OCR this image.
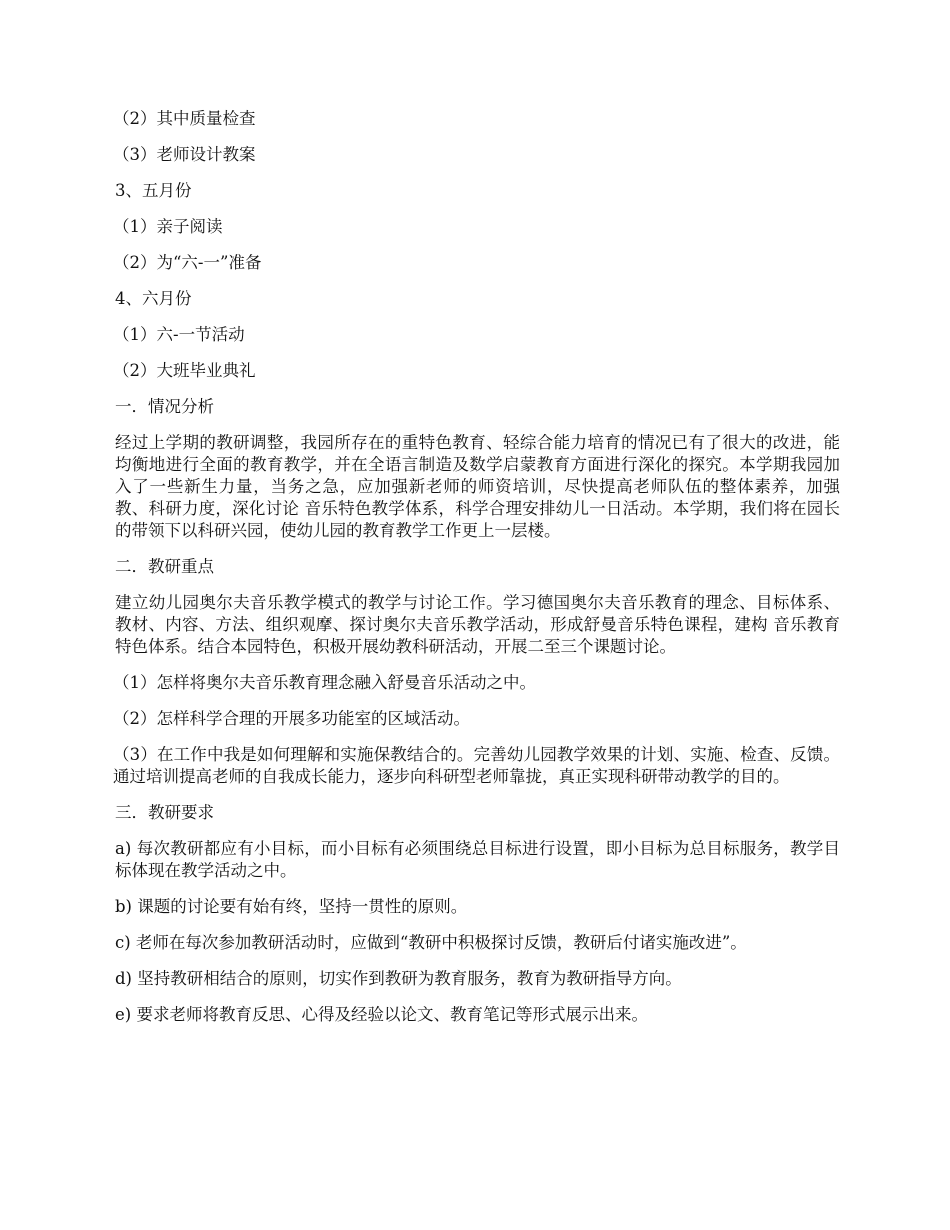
（2）其中质量检查

（3）老师设计教案

3、五月份

（1）亲子阅读

（2）为“六-一”准备

4、六月份

（1）六-一节活动

（2）大班毕业典礼

一．情况分析

经过上学期的教研调整，我园所存在的重特色教育、轻综合能力培育的情况已有了很大的改进，能均衡地进行全面的教育教学，并在全语言制造及数学启蒙教育方面进行深化的探究。本学期我园加入了一些新生力量，当务之急，应加强新老师的师资培训，尽快提高老师队伍的整体素养，加强教、科研力度，深化讨论 音乐特色教学体系，科学合理安排幼儿一日活动。本学期，我们将在园长的带领下以科研兴园，使幼儿园的教育教学工作更上一层楼。

二．教研重点

建立幼儿园奥尔夫音乐教学模式的教学与讨论工作。学习德国奥尔夫音乐教育的理念、目标体系、教材、内容、方法、组织观摩、探讨奥尔夫音乐教学活动，形成舒曼音乐特色课程，建构 音乐教育特色体系。结合本园特色，积极开展幼教科研活动，开展二至三个课题讨论。

（1）怎样将奥尔夫音乐教育理念融入舒曼音乐活动之中。

（2）怎样科学合理的开展多功能室的区域活动。

（3）在工作中我是如何理解和实施保教结合的。完善幼儿园教学效果的计划、实施、检查、反馈。通过培训提高老师的自我成长能力，逐步向科研型老师靠拢，真正实现科研带动教学的目的。

三．教研要求

a) 每次教研都应有小目标，而小目标有必须围绕总目标进行设置，即小目标为总目标服务，教学目标体现在教学活动之中。

b) 课题的讨论要有始有终，坚持一贯性的原则。

c) 老师在每次参加教研活动时，应做到“教研中积极探讨反馈，教研后付诸实施改进”。

d) 坚持教研相结合的原则，切实作到教研为教育服务，教育为教研指导方向。

e) 要求老师将教育反思、心得及经验以论文、教育笔记等形式展示出来。
